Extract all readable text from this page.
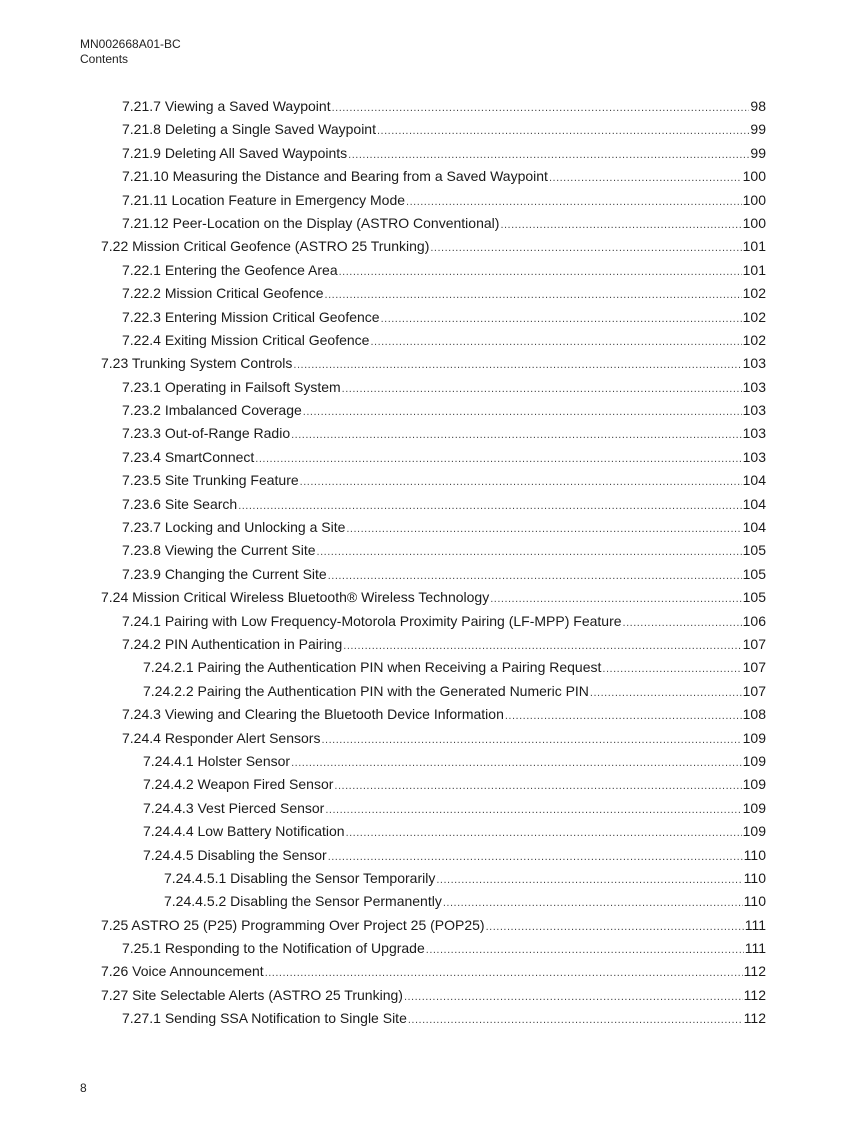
MN002668A01-BC
Contents
7.21.7 Viewing a Saved Waypoint .....	98
7.21.8 Deleting a Single Saved Waypoint .....	99
7.21.9 Deleting All Saved Waypoints .....	99
7.21.10 Measuring the Distance and Bearing from a Saved Waypoint .....	100
7.21.11 Location Feature in Emergency Mode .....	100
7.21.12 Peer-Location on the Display (ASTRO Conventional) .....	100
7.22 Mission Critical Geofence (ASTRO 25 Trunking) .....	101
7.22.1 Entering the Geofence Area .....	101
7.22.2 Mission Critical Geofence .....	102
7.22.3 Entering Mission Critical Geofence .....	102
7.22.4 Exiting Mission Critical Geofence .....	102
7.23 Trunking System Controls .....	103
7.23.1 Operating in Failsoft System .....	103
7.23.2 Imbalanced Coverage .....	103
7.23.3 Out-of-Range Radio .....	103
7.23.4 SmartConnect .....	103
7.23.5 Site Trunking Feature .....	104
7.23.6 Site Search .....	104
7.23.7 Locking and Unlocking a Site .....	104
7.23.8 Viewing the Current Site .....	105
7.23.9 Changing the Current Site .....	105
7.24 Mission Critical Wireless Bluetooth® Wireless Technology .....	105
7.24.1 Pairing with Low Frequency-Motorola Proximity Pairing (LF-MPP) Feature .....	106
7.24.2 PIN Authentication in Pairing .....	107
7.24.2.1 Pairing the Authentication PIN when Receiving a Pairing Request .....	107
7.24.2.2 Pairing the Authentication PIN with the Generated Numeric PIN .....	107
7.24.3 Viewing and Clearing the Bluetooth Device Information .....	108
7.24.4 Responder Alert Sensors .....	109
7.24.4.1 Holster Sensor .....	109
7.24.4.2 Weapon Fired Sensor .....	109
7.24.4.3 Vest Pierced Sensor .....	109
7.24.4.4 Low Battery Notification .....	109
7.24.4.5 Disabling the Sensor .....	110
7.24.4.5.1 Disabling the Sensor Temporarily .....	110
7.24.4.5.2 Disabling the Sensor Permanently .....	110
7.25 ASTRO 25 (P25) Programming Over Project 25 (POP25) .....	111
7.25.1 Responding to the Notification of Upgrade .....	111
7.26 Voice Announcement .....	112
7.27 Site Selectable Alerts (ASTRO 25 Trunking) .....	112
7.27.1 Sending SSA Notification to Single Site .....	112
8
